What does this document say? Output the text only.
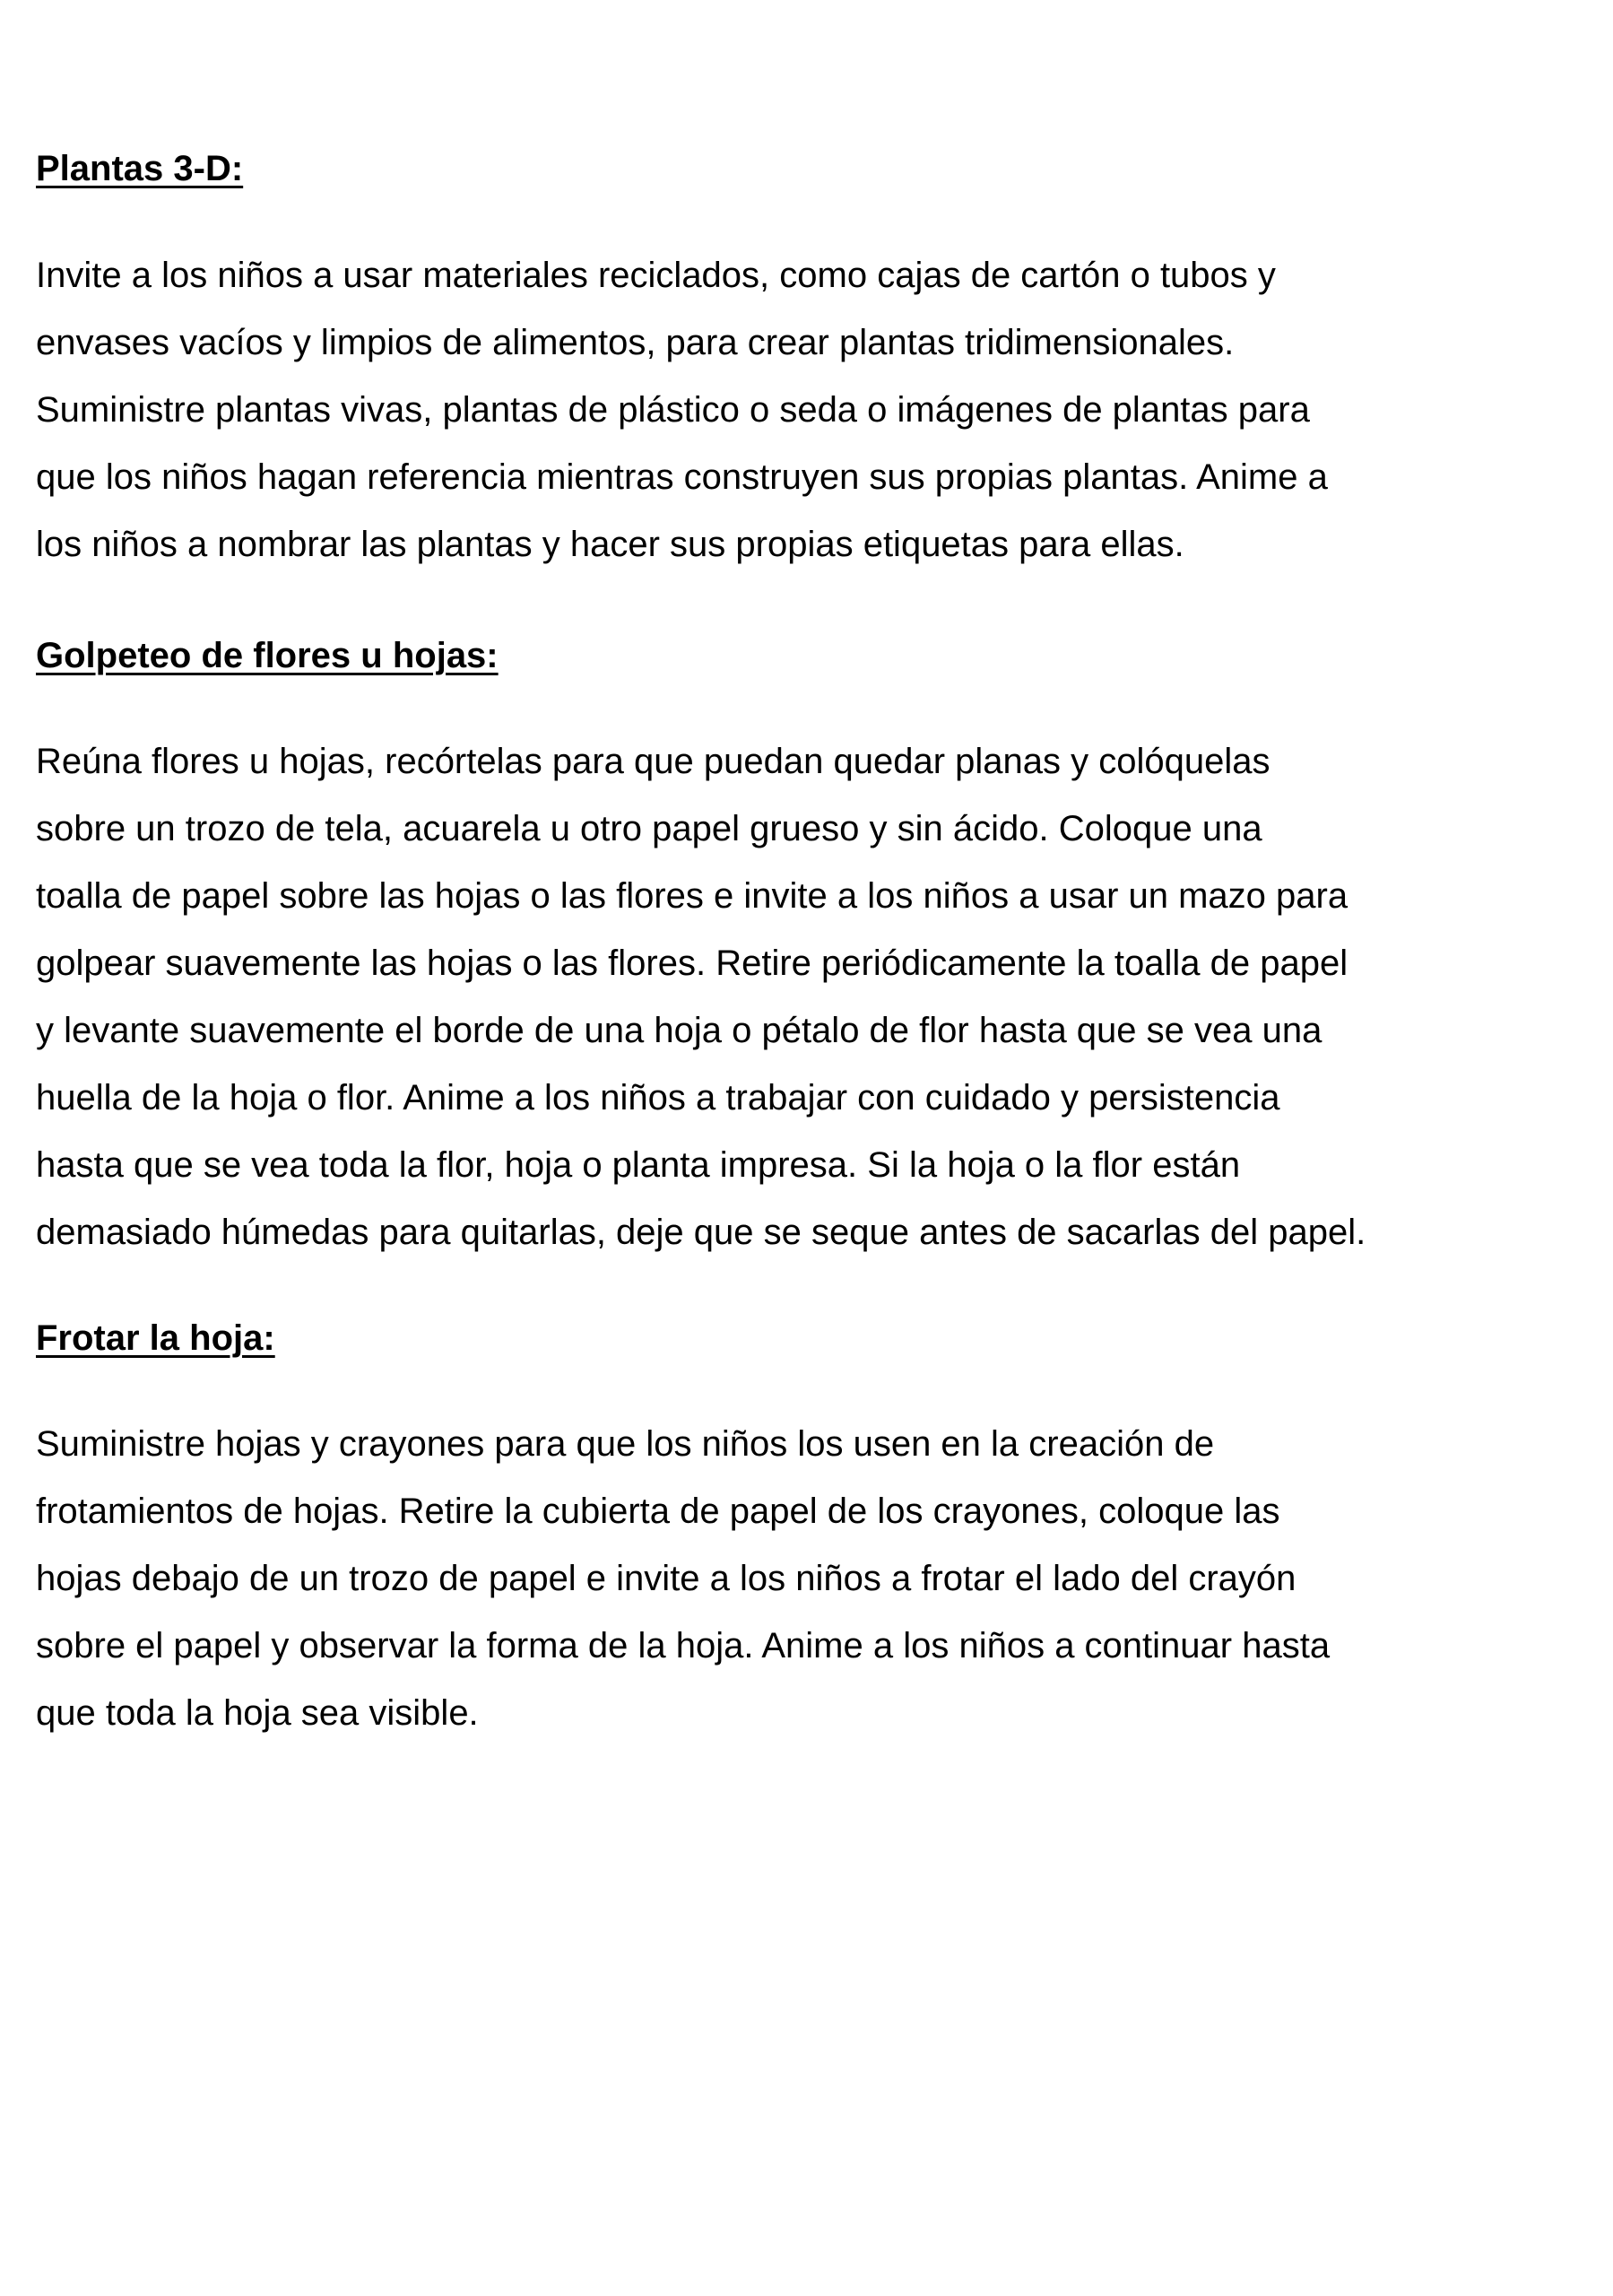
Plantas 3-D:

Invite a los niños a usar materiales reciclados, como cajas de cartón o tubos y

envases vacíos y limpios de alimentos, para crear plantas tridimensionales.

Suministre plantas vivas, plantas de plástico o seda o imágenes de plantas para

que los niños hagan referencia mientras construyen sus propias plantas. Anime a

los niños a nombrar las plantas y hacer sus propias etiquetas para ellas.

Golpeteo de flores u hojas:

Reúna flores u hojas, recórtelas para que puedan quedar planas y colóquelas

sobre un trozo de tela, acuarela u otro papel grueso y sin ácido. Coloque una

toalla de papel sobre las hojas o las flores e invite a los niños a usar un mazo para

golpear suavemente las hojas o las flores. Retire periódicamente la toalla de papel

y levante suavemente el borde de una hoja o pétalo de flor hasta que se vea una

huella de la hoja o flor. Anime a los niños a trabajar con cuidado y persistencia

hasta que se vea toda la flor, hoja o planta impresa. Si la hoja o la flor están

demasiado húmedas para quitarlas, deje que se seque antes de sacarlas del papel.

Frotar la hoja:

Suministre hojas y crayones para que los niños los usen en la creación de

frotamientos de hojas. Retire la cubierta de papel de los crayones, coloque las

hojas debajo de un trozo de papel e invite a los niños a frotar el lado del crayón

sobre el papel y observar la forma de la hoja. Anime a los niños a continuar hasta

que toda la hoja sea visible.
